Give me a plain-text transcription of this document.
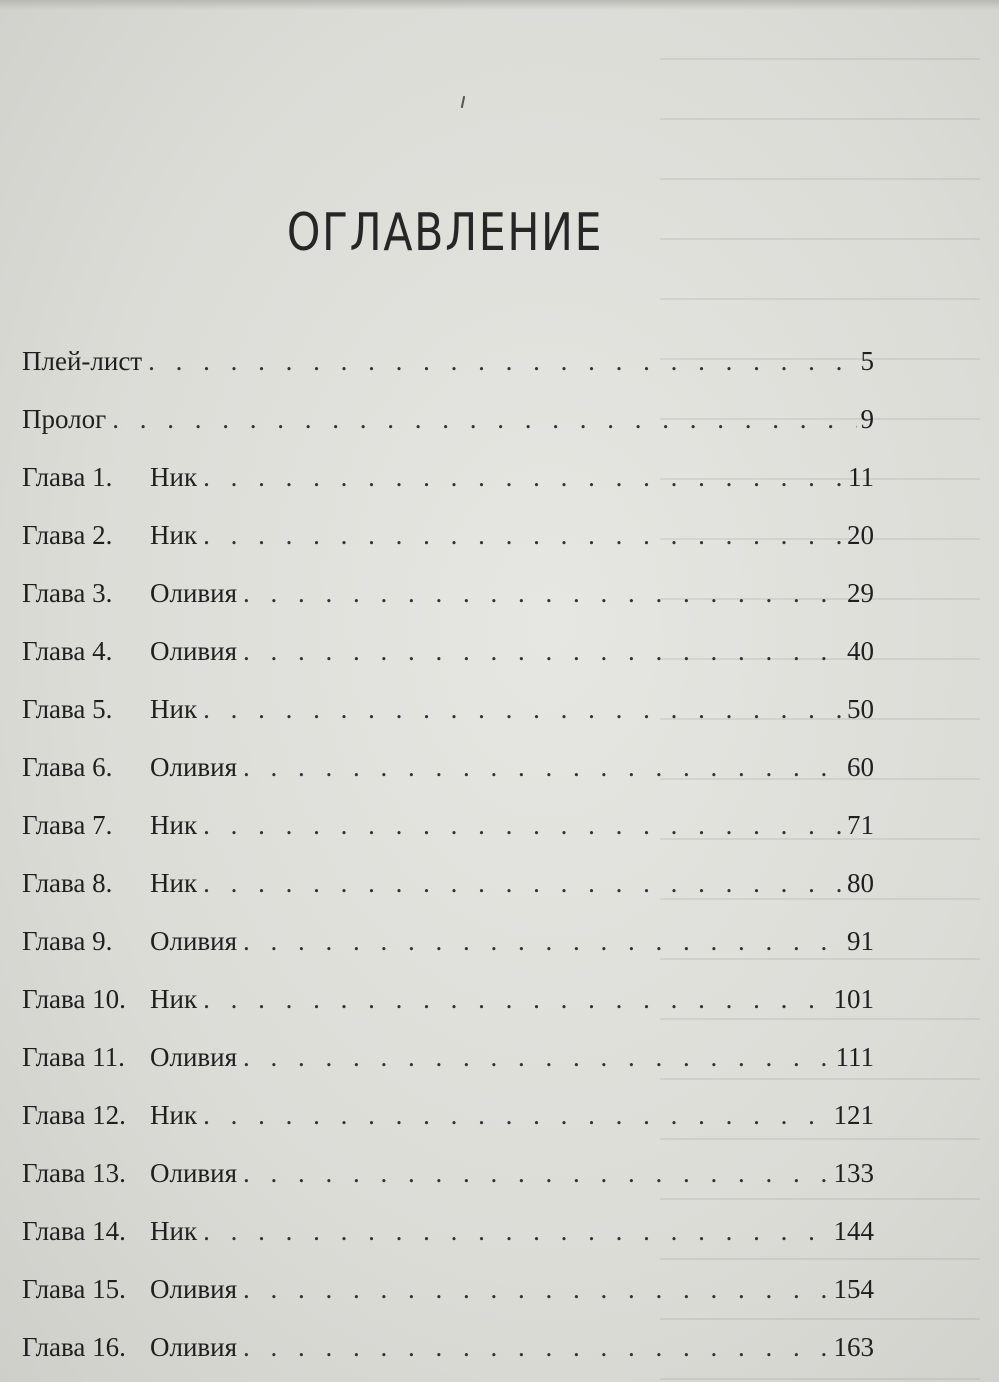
ОГЛАВЛЕНИЕ
Плей-лист . . .	5
Пролог . . .	9
Глава 1.	Ник . . .	11
Глава 2.	Ник . . .	20
Глава 3.	Оливия . . .	29
Глава 4.	Оливия . . .	40
Глава 5.	Ник . . .	50
Глава 6.	Оливия . . .	60
Глава 7.	Ник . . .	71
Глава 8.	Ник . . .	80
Глава 9.	Оливия . . .	91
Глава 10. Ник . . .	101
Глава 11. Оливия . . .	111
Глава 12. Ник . . .	121
Глава 13. Оливия . . .	133
Глава 14. Ник . . .	144
Глава 15. Оливия . . .	154
Глава 16. Оливия . . .	163
